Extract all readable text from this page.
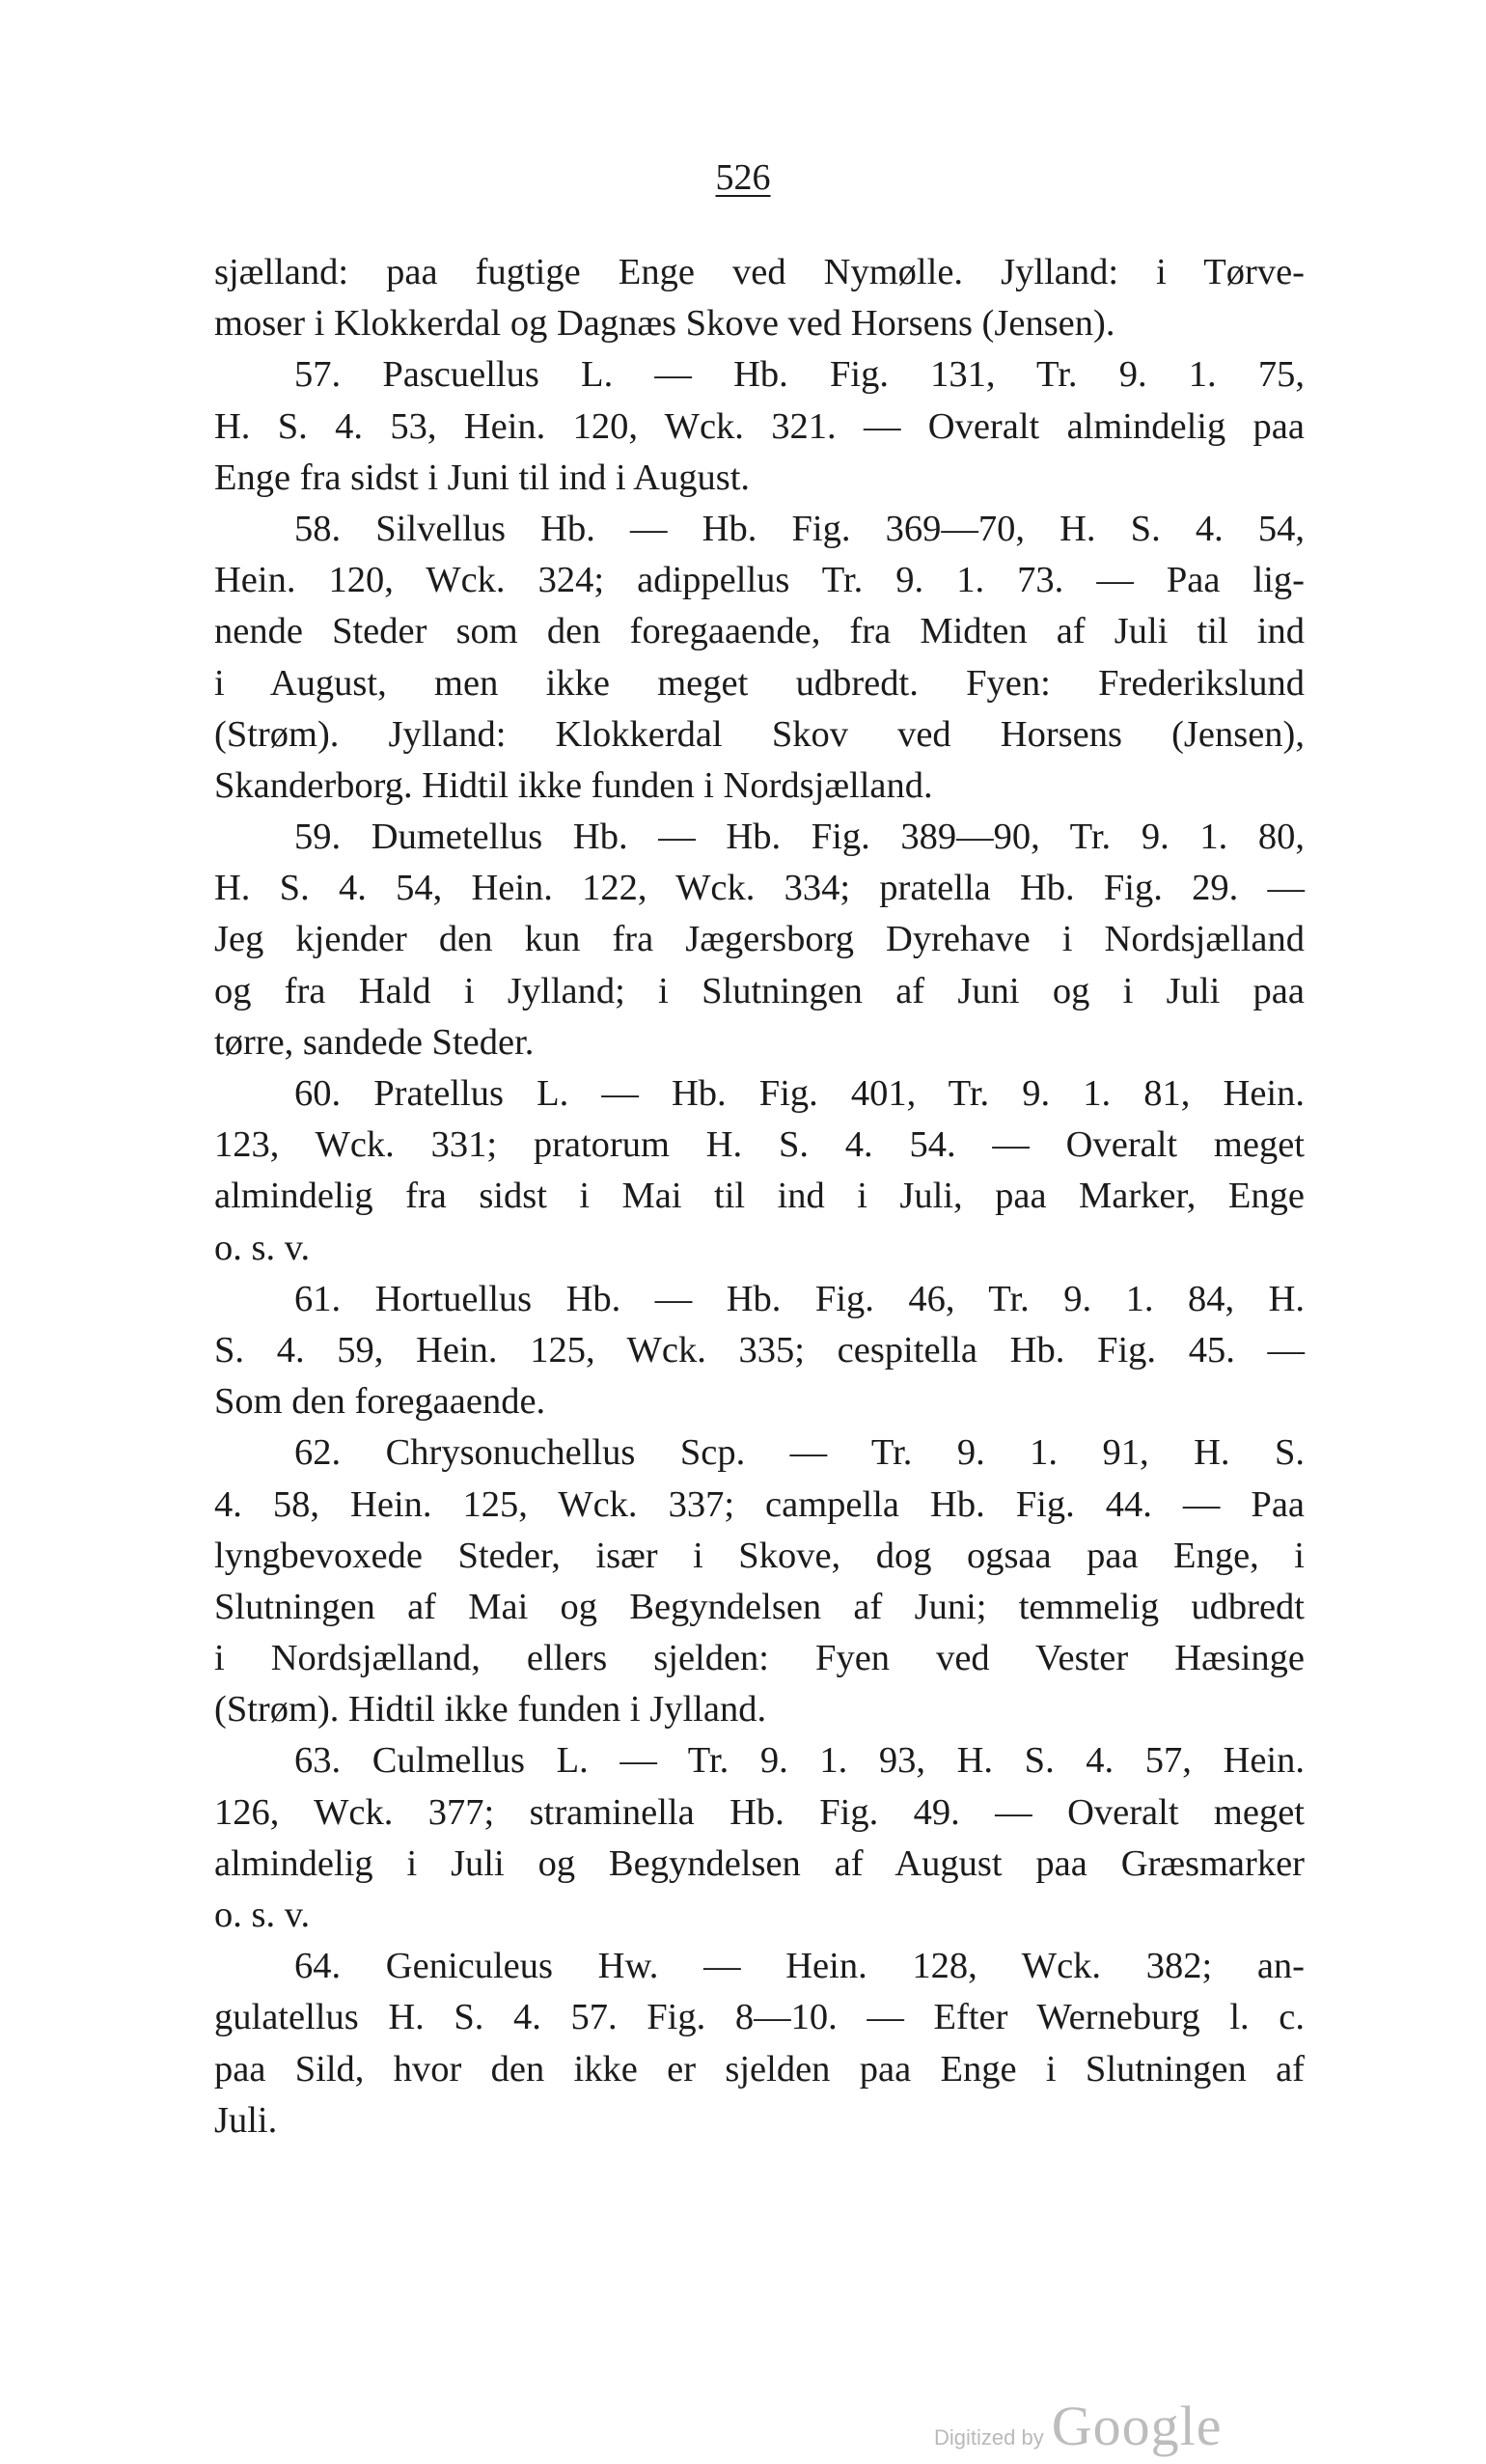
526
sjælland: paa fugtige Enge ved Nymølle. Jylland: i Tørve-
moser i Klokkerdal og Dagnæs Skove ved Horsens (Jensen).
57. Pascuellus L. — Hb. Fig. 131, Tr. 9. 1. 75,
H. S. 4. 53, Hein. 120, Wck. 321. — Overalt almindelig paa
Enge fra sidst i Juni til ind i August.
58. Silvellus Hb. — Hb. Fig. 369—70, H. S. 4. 54,
Hein. 120, Wck. 324; adippellus Tr. 9. 1. 73. — Paa lig-
nende Steder som den foregaaende, fra Midten af Juli til ind
i August, men ikke meget udbredt. Fyen: Frederikslund
(Strøm). Jylland: Klokkerdal Skov ved Horsens (Jensen),
Skanderborg. Hidtil ikke funden i Nordsjælland.
59. Dumetellus Hb. — Hb. Fig. 389—90, Tr. 9. 1. 80,
H. S. 4. 54, Hein. 122, Wck. 334; pratella Hb. Fig. 29. —
Jeg kjender den kun fra Jægersborg Dyrehave i Nordsjælland
og fra Hald i Jylland; i Slutningen af Juni og i Juli paa
tørre, sandede Steder.
60. Pratellus L. — Hb. Fig. 401, Tr. 9. 1. 81, Hein.
123, Wck. 331; pratorum H. S. 4. 54. — Overalt meget
almindelig fra sidst i Mai til ind i Juli, paa Marker, Enge
o. s. v.
61. Hortuellus Hb. — Hb. Fig. 46, Tr. 9. 1. 84, H.
S. 4. 59, Hein. 125, Wck. 335; cespitella Hb. Fig. 45. —
Som den foregaaende.
62. Chrysonuchellus Scp. — Tr. 9. 1. 91, H. S.
4. 58, Hein. 125, Wck. 337; campella Hb. Fig. 44. — Paa
lyngbevoxede Steder, især i Skove, dog ogsaa paa Enge, i
Slutningen af Mai og Begyndelsen af Juni; temmelig udbredt
i Nordsjælland, ellers sjelden: Fyen ved Vester Hæsinge
(Strøm). Hidtil ikke funden i Jylland.
63. Culmellus L. — Tr. 9. 1. 93, H. S. 4. 57, Hein.
126, Wck. 377; straminella Hb. Fig. 49. — Overalt meget
almindelig i Juli og Begyndelsen af August paa Græsmarker
o. s. v.
64. Geniculeus Hw. — Hein. 128, Wck. 382; an-
gulatellus H. S. 4. 57. Fig. 8—10. — Efter Werneburg l. c.
paa Sild, hvor den ikke er sjelden paa Enge i Slutningen af
Juli.
Digitized by Google
